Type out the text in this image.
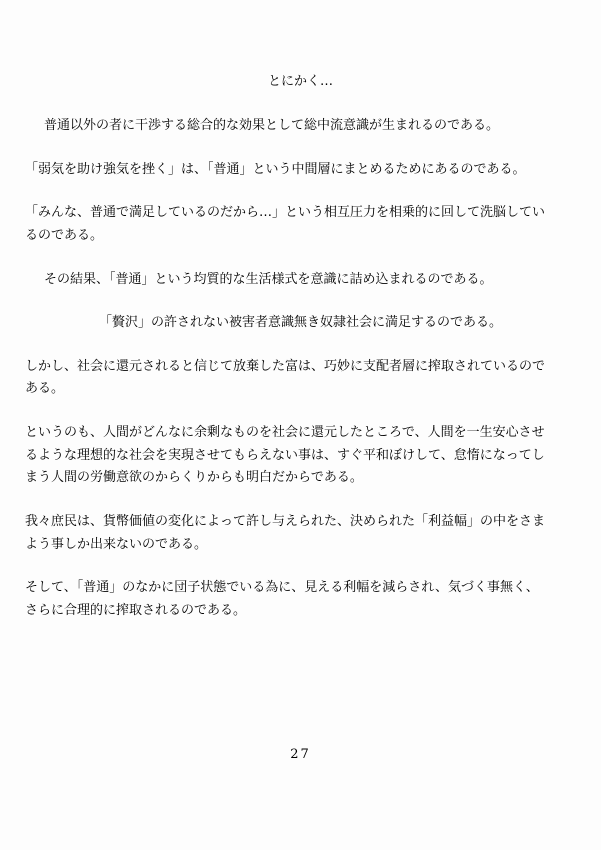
とにかく…
普通以外の者に干渉する総合的な効果として総中流意識が生まれるのである。
「弱気を助け強気を挫く」は、「普通」という中間層にまとめるためにあるのである。
「みんな、普通で満足しているのだから…」という相互圧力を相乗的に回して洗脳してい
るのである。
その結果、「普通」という均質的な生活様式を意識に詰め込まれるのである。
「贅沢」の許されない被害者意識無き奴隷社会に満足するのである。
しかし、社会に還元されると信じて放棄した富は、巧妙に支配者層に搾取されているので
ある。
というのも、人間がどんなに余剰なものを社会に還元したところで、人間を一生安心させ
るような理想的な社会を実現させてもらえない事は、すぐ平和ぼけして、怠惰になってし
まう人間の労働意欲のからくりからも明白だからである。
我々庶民は、貨幣価値の変化によって許し与えられた、決められた「利益幅」の中をさま
よう事しか出来ないのである。
そして、「普通」のなかに団子状態でいる為に、見える利幅を減らされ、気づく事無く、
さらに合理的に搾取されるのである。
27
